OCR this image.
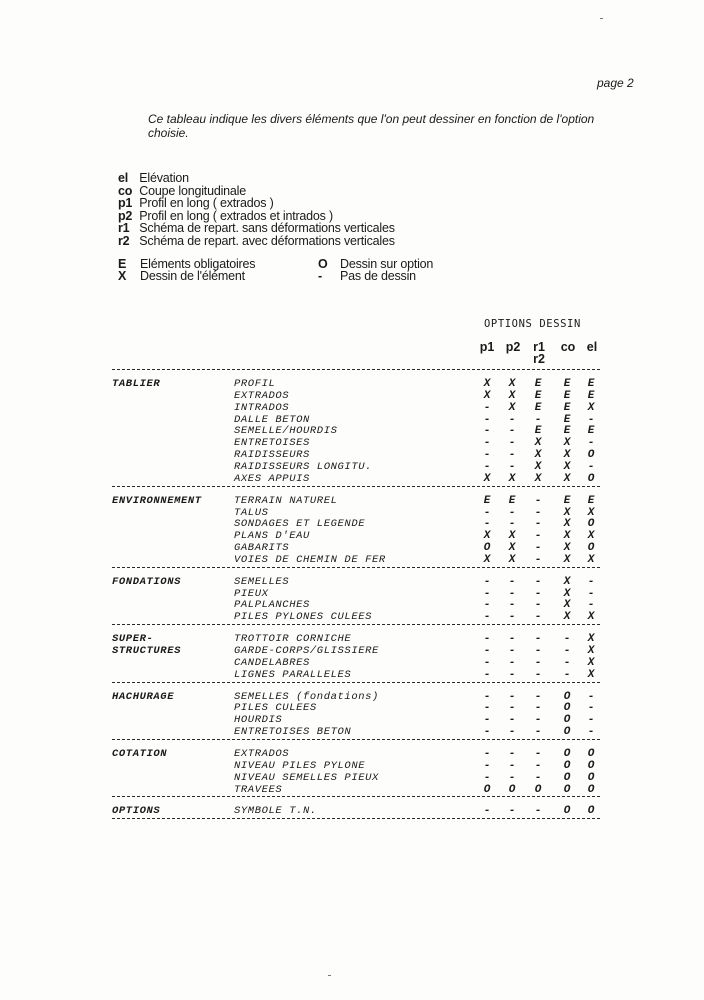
page 2
Ce tableau indique les divers éléments que l'on peut dessiner en fonction de l'option choisie.
el Elévation
co Coupe longitudinale
p1 Profil en long ( extrados )
p2 Profil en long ( extrados et intrados )
r1 Schéma de repart. sans déformations verticales
r2 Schéma de repart. avec déformations verticales
E Eléments obligatoires
X Dessin de l'élément
O Dessin sur option
- Pas de dessin
OPTIONS DESSIN
p1 p2	r1
r2
co el
TABLIER	PROFIL	X	X	E	E	E
EXTRADOS	X	X	E	E	E
INTRADOS	-	X	E	E	X
DALLE BETON	-	-	-	E	-
SEMELLE/HOURDIS	-	-	E	E	E
ENTRETOISES	-	-	X	X	-
RAIDISSEURS	-	-	X	X	O
RAIDISSEURS LONGITU.	-	-	X	X	-
AXES APPUIS	X	X	X	X	O
ENVIRONNEMENT	TERRAIN NATUREL	E	E	-	E	E
TALUS	-	-	-	X	X
SONDAGES ET LEGENDE	-	-	-	X	O
PLANS D'EAU	X	X	-	X	X
GABARITS	O	X	-	X	O
VOIES DE CHEMIN DE FER	X	X	-	X	X
FONDATIONS	SEMELLES	-	-	-	X	-
PIEUX	-	-	-	X	-
PALPLANCHES	-	-	-	X	-
PILES PYLONES CULEES	-	-	-	X	X
SUPER-
STRUCTURES
TROTTOIR CORNICHE	-	-	-	-	X
GARDE-CORPS/GLISSIERE	-	-	-	-	X
CANDELABRES	-	-	-	-	X
LIGNES PARALLELES	-	-	-	-	X
HACHURAGE	SEMELLES (fondations)	-	-	-	O	-
PILES CULEES	-	-	-	O	-
HOURDIS	-	-	-	O	-
ENTRETOISES BETON	-	-	-	O	-
COTATION	EXTRADOS	-	-	-	O	O
NIVEAU PILES PYLONE	-	-	-	O	O
NIVEAU SEMELLES PIEUX	-	-	-	O	O
TRAVEES	O	O	O	O	O
OPTIONS	SYMBOLE T.N.	-	-	-	O	O
